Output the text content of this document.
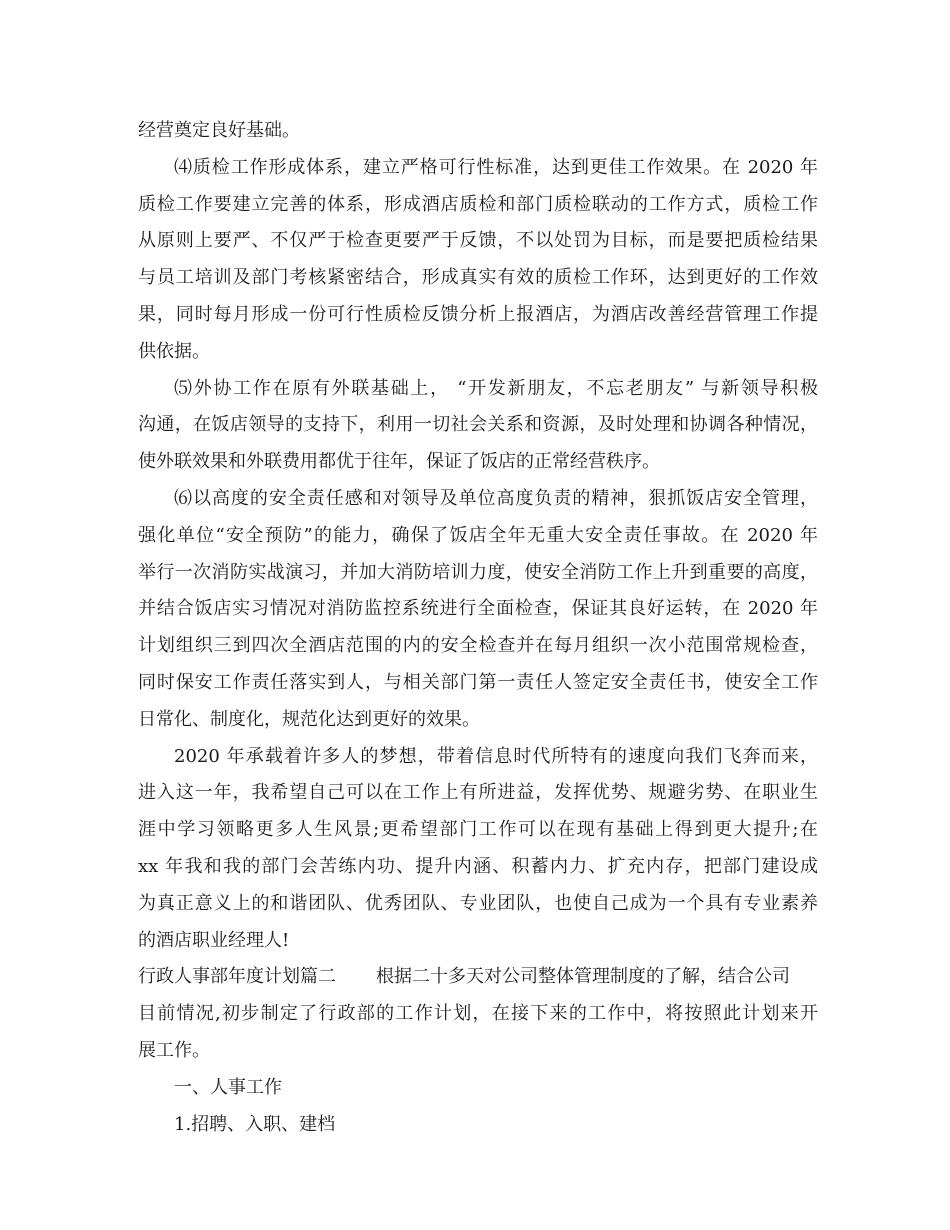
经营奠定良好基础。
⑷质检工作形成体系，建立严格可行性标准，达到更佳工作效果。在 2020 年
质检工作要建立完善的体系，形成酒店质检和部门质检联动的工作方式，质检工作
从原则上要严、不仅严于检查更要严于反馈，不以处罚为目标，而是要把质检结果
与员工培训及部门考核紧密结合，形成真实有效的质检工作环，达到更好的工作效
果，同时每月形成一份可行性质检反馈分析上报酒店，为酒店改善经营管理工作提
供依据。
⑸外协工作在原有外联基础上， “开发新朋友，不忘老朋友” 与新领导积极
沟通，在饭店领导的支持下，利用一切社会关系和资源，及时处理和协调各种情况，
使外联效果和外联费用都优于往年，保证了饭店的正常经营秩序。
⑹以高度的安全责任感和对领导及单位高度负责的精神，狠抓饭店安全管理，
强化单位“安全预防”的能力，确保了饭店全年无重大安全责任事故。在 2020 年
举行一次消防实战演习，并加大消防培训力度，使安全消防工作上升到重要的高度，
并结合饭店实习情况对消防监控系统进行全面检查，保证其良好运转，在 2020 年
计划组织三到四次全酒店范围的内的安全检查并在每月组织一次小范围常规检查，
同时保安工作责任落实到人，与相关部门第一责任人签定安全责任书，使安全工作
日常化、制度化，规范化达到更好的效果。
2020 年承载着许多人的梦想，带着信息时代所特有的速度向我们飞奔而来，
进入这一年，我希望自己可以在工作上有所进益，发挥优势、规避劣势、在职业生
涯中学习领略更多人生风景;更希望部门工作可以在现有基础上得到更大提升;在
xx 年我和我的部门会苦练内功、提升内涵、积蓄内力、扩充内存，把部门建设成
为真正意义上的和谐团队、优秀团队、专业团队，也使自己成为一个具有专业素养
的酒店职业经理人!
行政人事部年度计划篇二 根据二十多天对公司整体管理制度的了解，结合公司
目前情况,初步制定了行政部的工作计划，在接下来的工作中，将按照此计划来开
展工作。
一、人事工作
1.招聘、入职、建档
